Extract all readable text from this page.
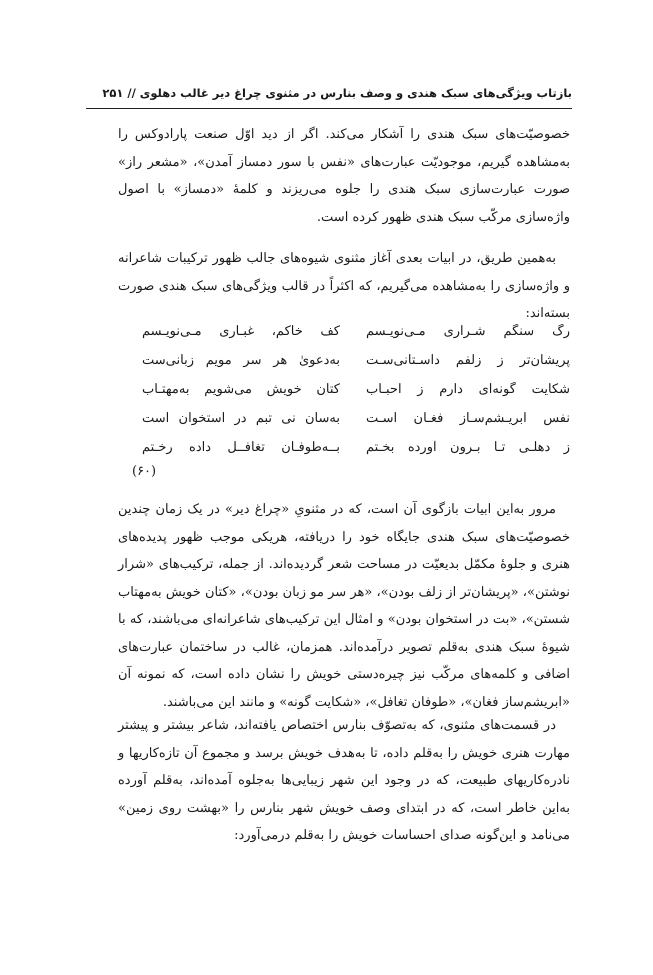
بازتاب ویژگی‌های سبک هندی و وصف بنارس در مثنوی چراغ دیر غالب دهلوی // ۲۵۱

خصوصیّت‌های سبک هندی را آشکار می‌کند. اگر از دید اوّل صنعت پارادوکس را به‌مشاهده گیریم، موجودیّت عبارت‌های «نفس با سور دمساز آمدن»، «مشعر راز» صورت عبارت‌سازی سبک هندی را جلوه می‌ریزند و کلمۀ «دمساز» با اصول واژه‌سازی مرکّب سبک هندی ظهور کرده است.

به‌همین طریق، در ابیات بعدی آغاز مثنوی شیوه‌های جالب ظهور ترکیبات شاعرانه و واژه‌سازی را به‌مشاهده می‌گیریم، که اکثراً در قالب ویژگی‌های سبک هندی صورت بسته‌اند:

رگ سنگم شـراری مـی‌نویـسم
کف خاکم، غبـاری مـی‌نویـسم
پریشان‌تر ز زلفم داسـتانی‌سـت
به‌دعویٰ هر سر مویم زبانی‌ست
شکایت گونه‌ای دارم ز احبـاب
کتان خویش می‌شویم به‌مهتـاب
نفس ابریـشم‌سـاز فغـان اسـت
به‌سان نی تبم در استخوان است
ز دهلـی تـا بـرون آورده بخـتم
بــه‌طوفـان تغافــل داده رخـتم
(۶۰)

مرور به‌این ابیات بازگوی آن است، که در مثنویِ «چراغ دیر» در یک زمان چندین خصوصیّت‌های سبک هندی جایگاه خود را دریافته، هریکی موجب ظهور پدیده‌های هنری و جلوۀ مکمّل بدیعیّت در مساحت شعر گردیده‌اند. از جمله، ترکیب‌های «شرار نوشتن»، «پریشان‌تر از زلف بودن»، «هر سر مو زبان بودن»، «کتان خویش به‌مهتاب شستن»، «بت در استخوان بودن» و امثال این ترکیب‌های شاعرانه‌ای می‌باشند، که با شیوۀ سبک هندی به‌قلم تصویر درآمده‌اند. همزمان، غالب در ساختمان عبارت‌های اضافی و کلمه‌های مرکّب نیز چیره‌دستی خویش را نشان داده است، که نمونه آن «ابریشم‌ساز فغان»، «طوفان تغافل»، «شکایت گونه» و مانند این می‌باشند.

در قسمت‌های مثنوی، که به‌تصوّف بنارس اختصاص یافته‌اند، شاعر بیشتر و پیشتر مهارت هنری خویش را به‌قلم داده، تا به‌هدف خویش برسد و مجموع آن تازه‌کاریها و نادره‌کاریهای طبیعت، که در وجود این شهر زیبایی‌ها به‌جلوه آمده‌اند، به‌قلم آورده به‌این خاطر است، که در ابتدای وصف خویش شهر بنارس را «بهشت روی زمین» می‌نامد و این‌گونه صدای احساسات خویش را به‌قلم درمی‌آورد:
